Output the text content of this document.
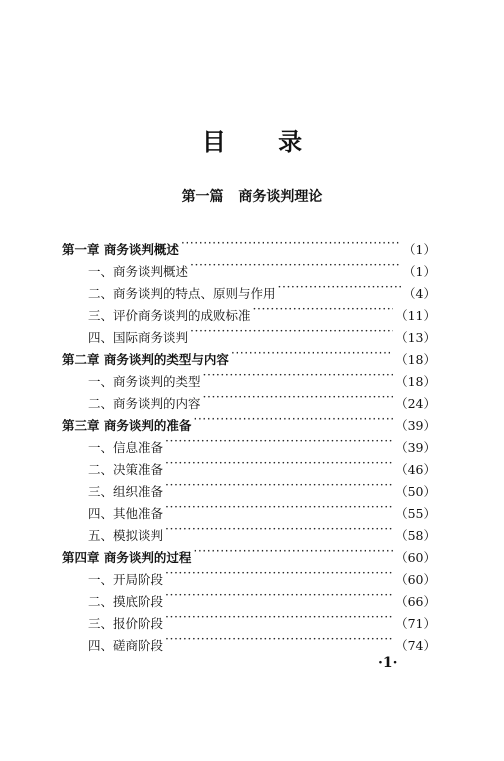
目 录
第一篇 商务谈判理论
第一章 商务谈判概述 ·····	（1）
一、商务谈判概述 ·····	（1）
二、商务谈判的特点、原则与作用 ·····	（4）
三、评价商务谈判的成败标准 ·····	（11）
四、国际商务谈判 ·····	（13）
第二章 商务谈判的类型与内容 ·····	（18）
一、商务谈判的类型 ·····	（18）
二、商务谈判的内容 ·····	（24）
第三章 商务谈判的准备 ·····	（39）
一、信息准备 ·····	（39）
二、决策准备 ·····	（46）
三、组织准备 ·····	（50）
四、其他准备 ·····	（55）
五、模拟谈判 ·····	（58）
第四章 商务谈判的过程 ·····	（60）
一、开局阶段 ·····	（60）
二、摸底阶段 ·····	（66）
三、报价阶段 ·····	（71）
四、磋商阶段 ·····	（74）
·1·
